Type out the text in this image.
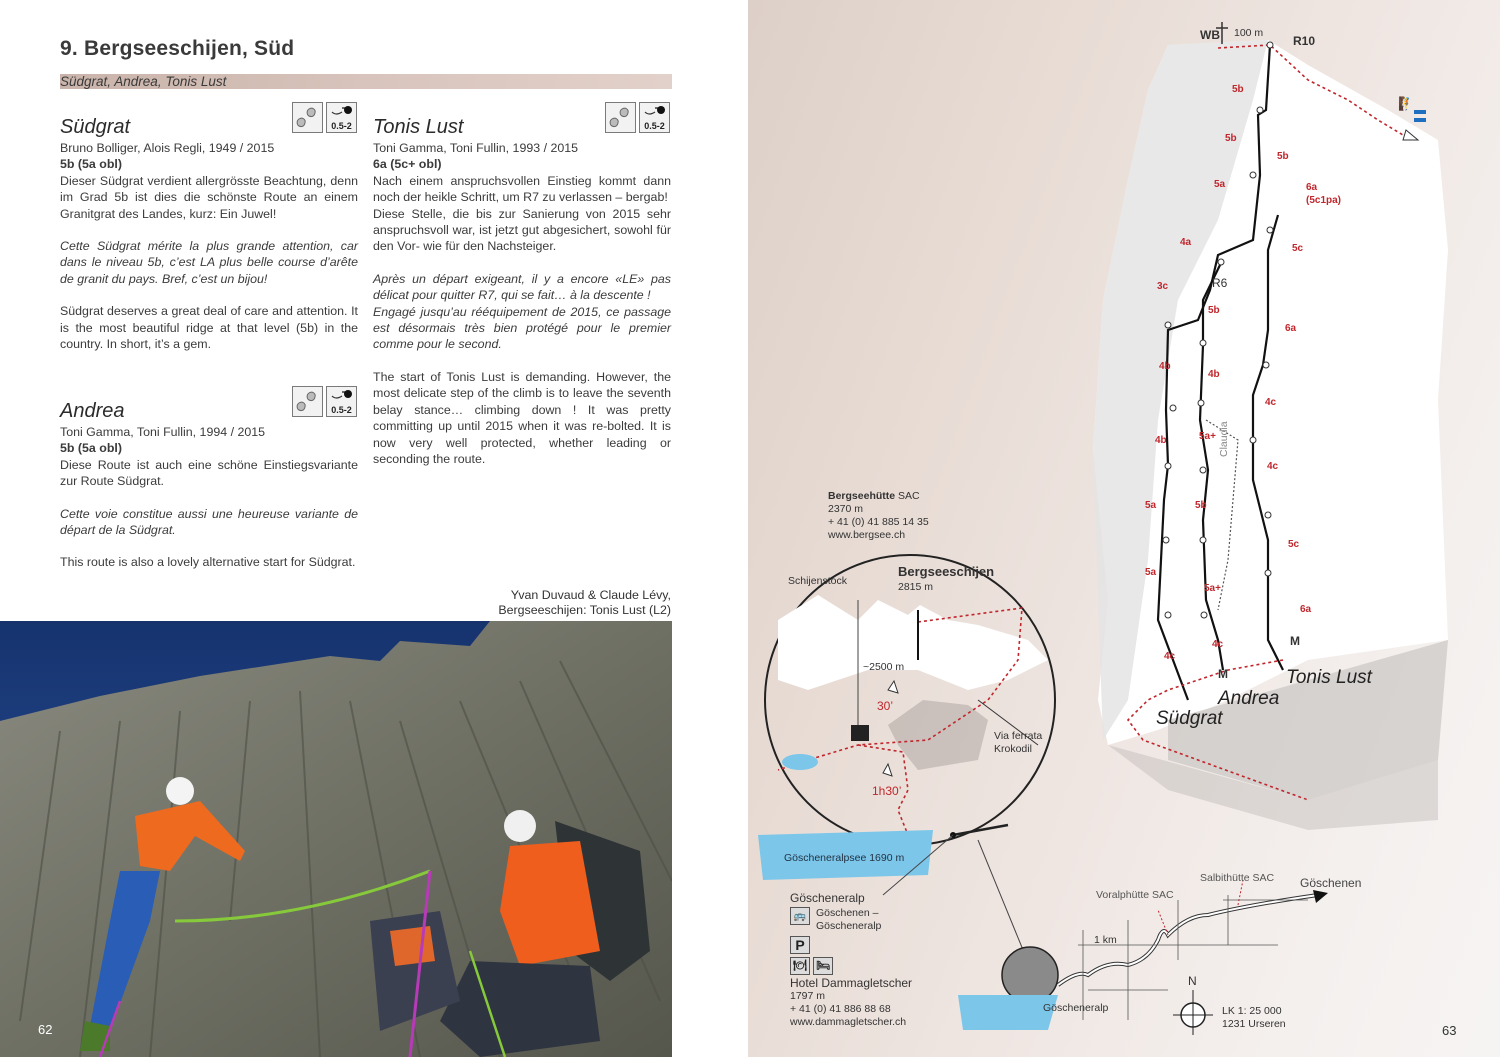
9. Bergseeschijen, Süd
Südgrat, Andrea, Tonis Lust
0.5-2
Südgrat
Bruno Bolliger, Alois Regli, 1949 / 2015
5b (5a obl)

Dieser Südgrat verdient allergrösste Beachtung, denn im Grad 5b ist dies die schönste Route an einem Granitgrat des Landes, kurz: Ein Juwel!

Cette Südgrat mérite la plus grande attention, car dans le niveau 5b, c’est LA plus belle course d’arête de granit du pays. Bref, c’est un bijou!

Südgrat deserves a great deal of care and attention. It is the most beautiful ridge at that level (5b) in the country. In short, it’s a gem.

0.5-2
Andrea
Toni Gamma, Toni Fullin, 1994 / 2015
5b (5a obl)

Diese Route ist auch eine schöne Einstiegsvariante zur Route Südgrat.

Cette voie constitue aussi une heureuse variante de départ de la Südgrat.

This route is also a lovely alternative start for Südgrat.

0.5-2
Tonis Lust
Toni Gamma, Toni Fullin, 1993 / 2015
6a (5c+ obl)

Nach einem anspruchsvollen Einstieg kommt dann noch der heikle Schritt, um R7 zu verlassen – bergab!

Diese Stelle, die bis zur Sanierung von 2015 sehr anspruchsvoll war, ist jetzt gut abgesichert, sowohl für den Vor- wie für den Nachsteiger.

Après un départ exigeant, il y a encore «LE» pas délicat pour quitter R7, qui se fait… à la descente !

Engagé jusqu’au rééquipement de 2015, ce passage est désormais très bien protégé pour le premier comme pour le second.

The start of Tonis Lust is demanding. However, the most delicate step of the climb is to leave the seventh belay stance… climbing down ! It was pretty committing up until 2015 when it was re-bolted. It is now very well protected, whether leading or seconding the route.

Yvan Duvaud & Claude Lévy,
Bergseeschijen: Tonis Lust (L2)
62
WB 100 m
R10
R6
Claudia
M
M
Südgrat
Andrea
Tonis Lust
5b
5b
5a
4a
3c
4b
4b
5a
5a
4c
5b
5b
4b
5a+
5b
5a+
4c
6a
(5c1pa)
5c
6a
4c
4c
5c
6a
🧗
Bergseehütte SAC
2370 m
+ 41 (0) 41 885 14 35
www.bergsee.ch
Schijenstock
Bergseeschijen
2815 m
~2500 m
30’
1h30’
Via ferrata
Krokodil
Göscheneralpsee 1690 m
Göscheneralp
🚌 Göschenen –
Göscheneralp
P
🍽 🛏
Hotel Dammagletscher
1797 m
+ 41 (0) 41 886 88 68
www.dammagletscher.ch
Voralphütte SAC
Salbithütte SAC Göschenen
1 km
Göscheneralp
N
LK 1: 25 000
1231 Urseren	63
